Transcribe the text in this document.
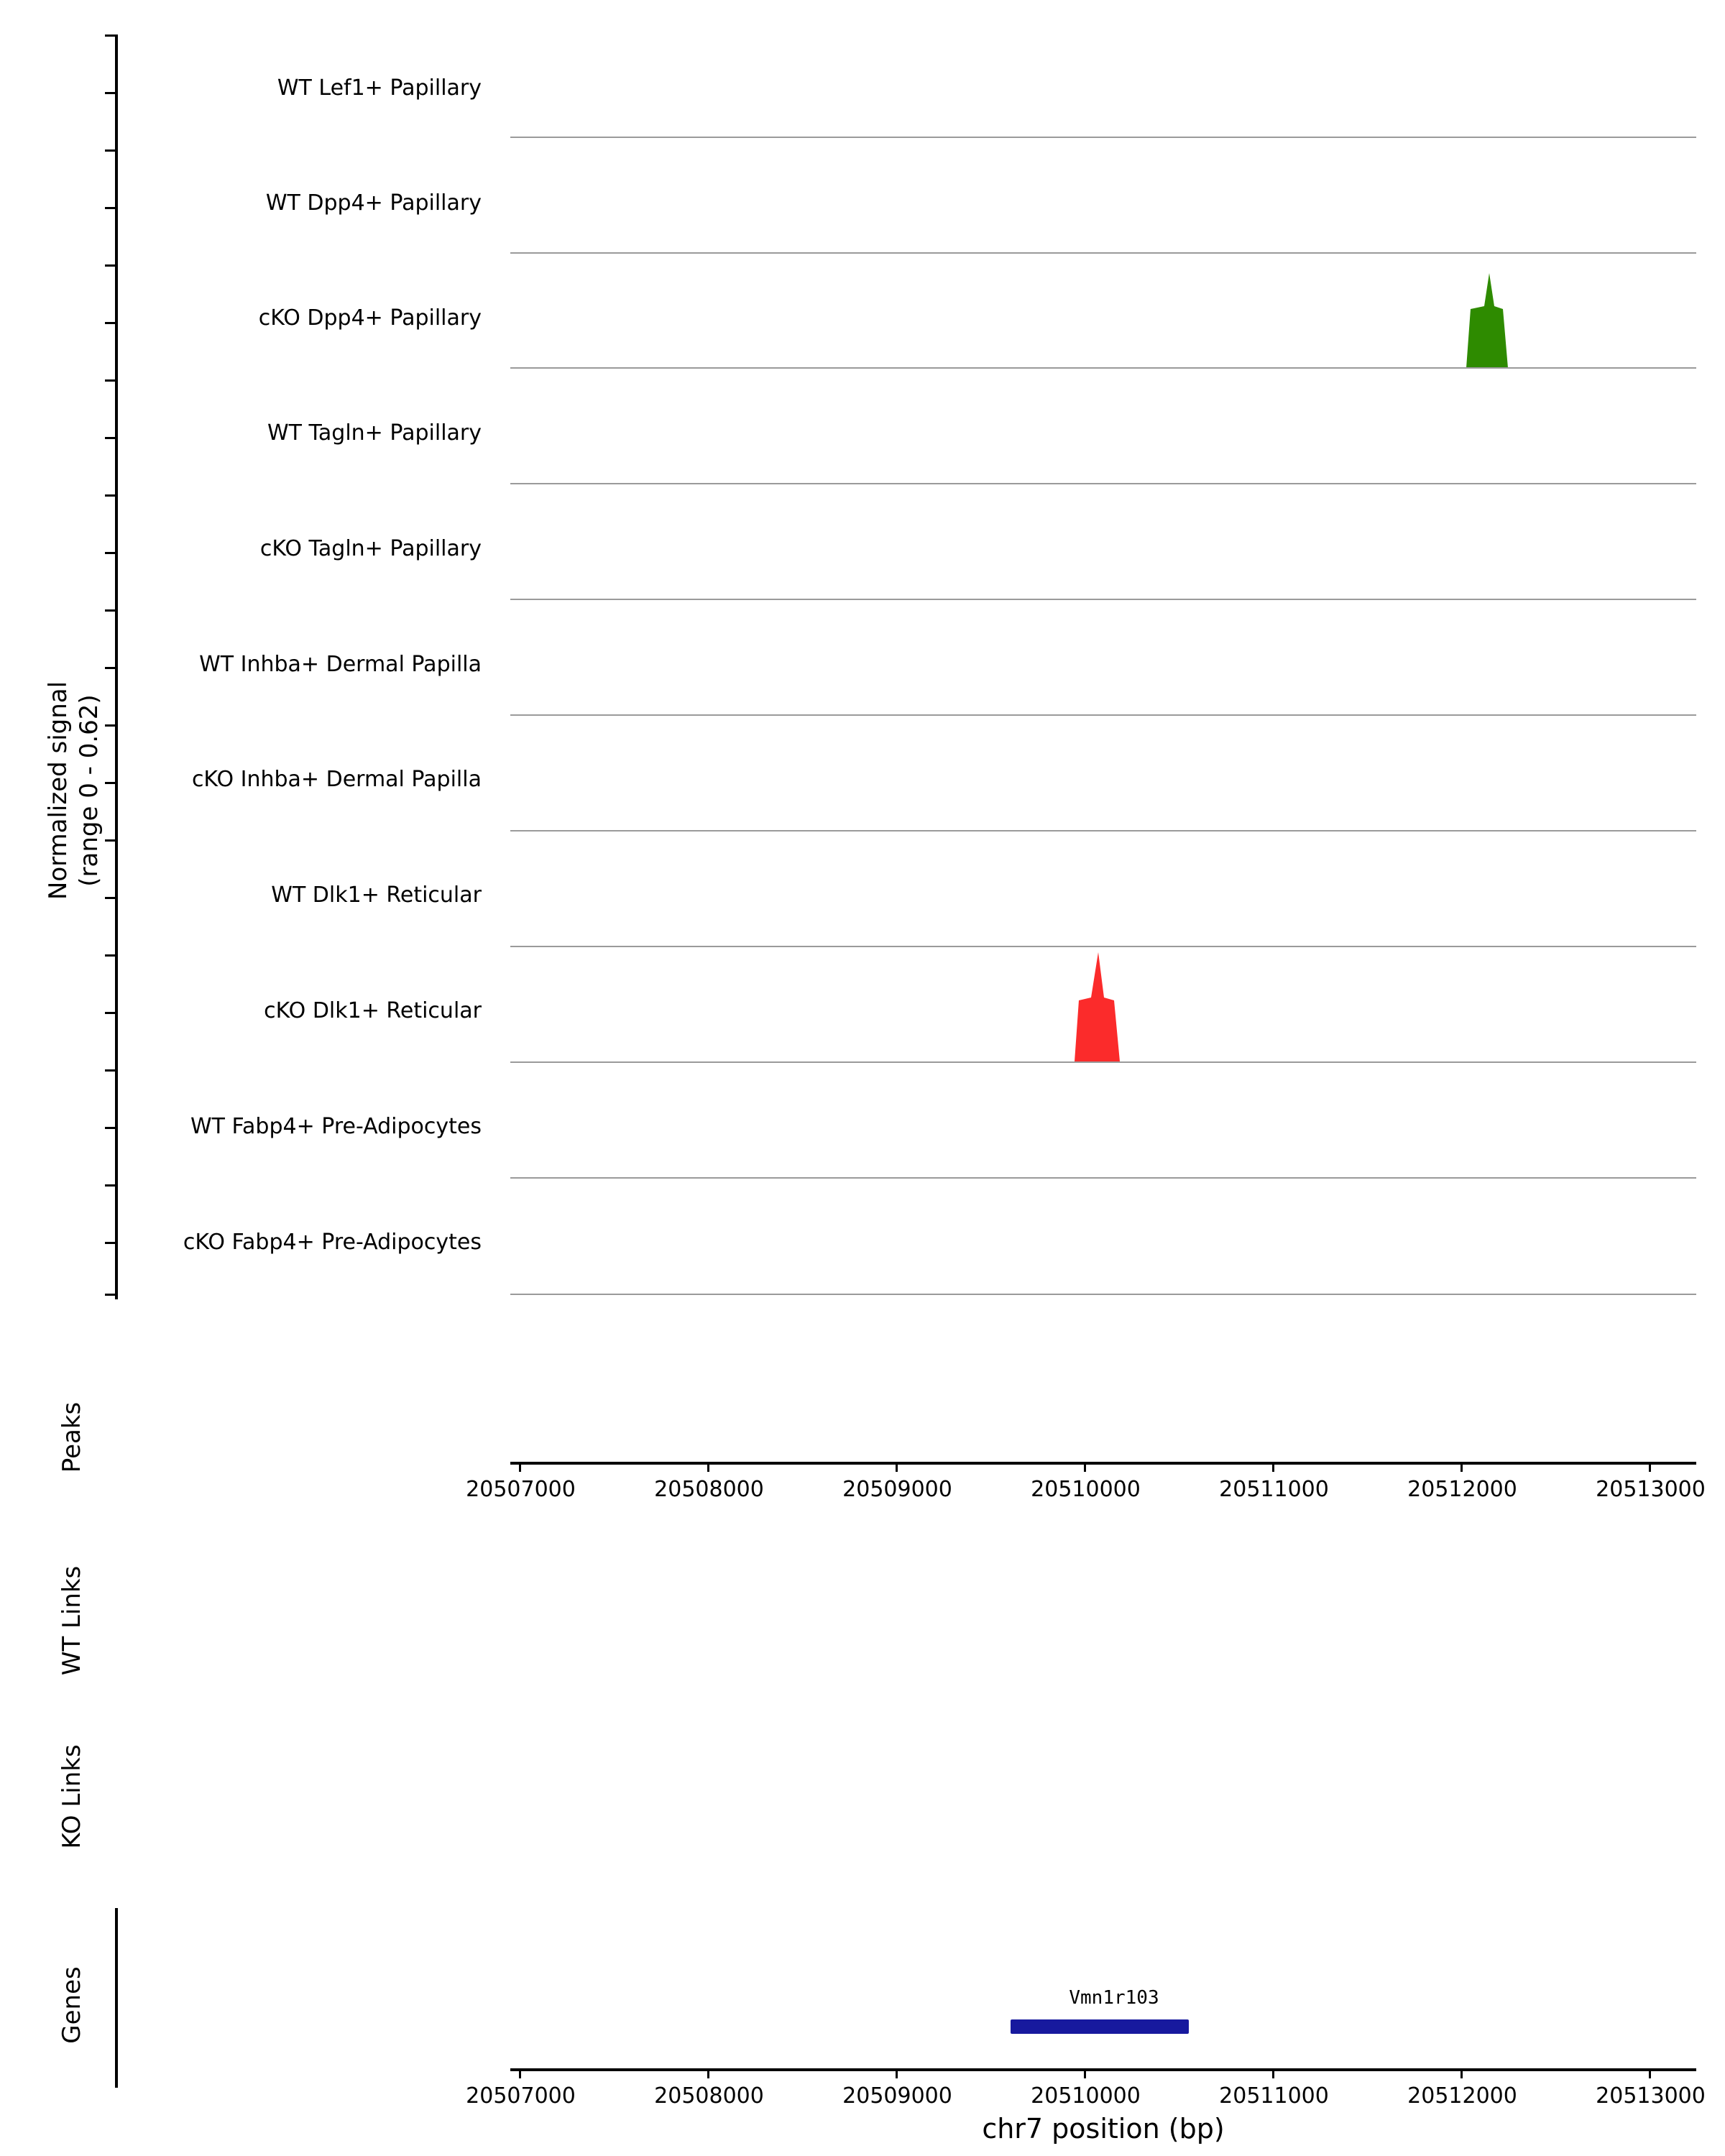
Normalized signal
(range 0 - 0.62)
WT Lef1+ Papillary
WT Dpp4+ Papillary
cKO Dpp4+ Papillary
WT Tagln+ Papillary
cKO Tagln+ Papillary
WT Inhba+ Dermal Papilla
cKO Inhba+ Dermal Papilla
WT Dlk1+ Reticular
cKO Dlk1+ Reticular
WT Fabp4+ Pre-Adipocytes
cKO Fabp4+ Pre-Adipocytes
Peaks
20507000	20508000	20509000	20510000	20511000	20512000	20513000
WT Links
KO Links
Genes	Vmn1r103
20507000	20508000	20509000	20510000	20511000	20512000	20513000
chr7 position (bp)
